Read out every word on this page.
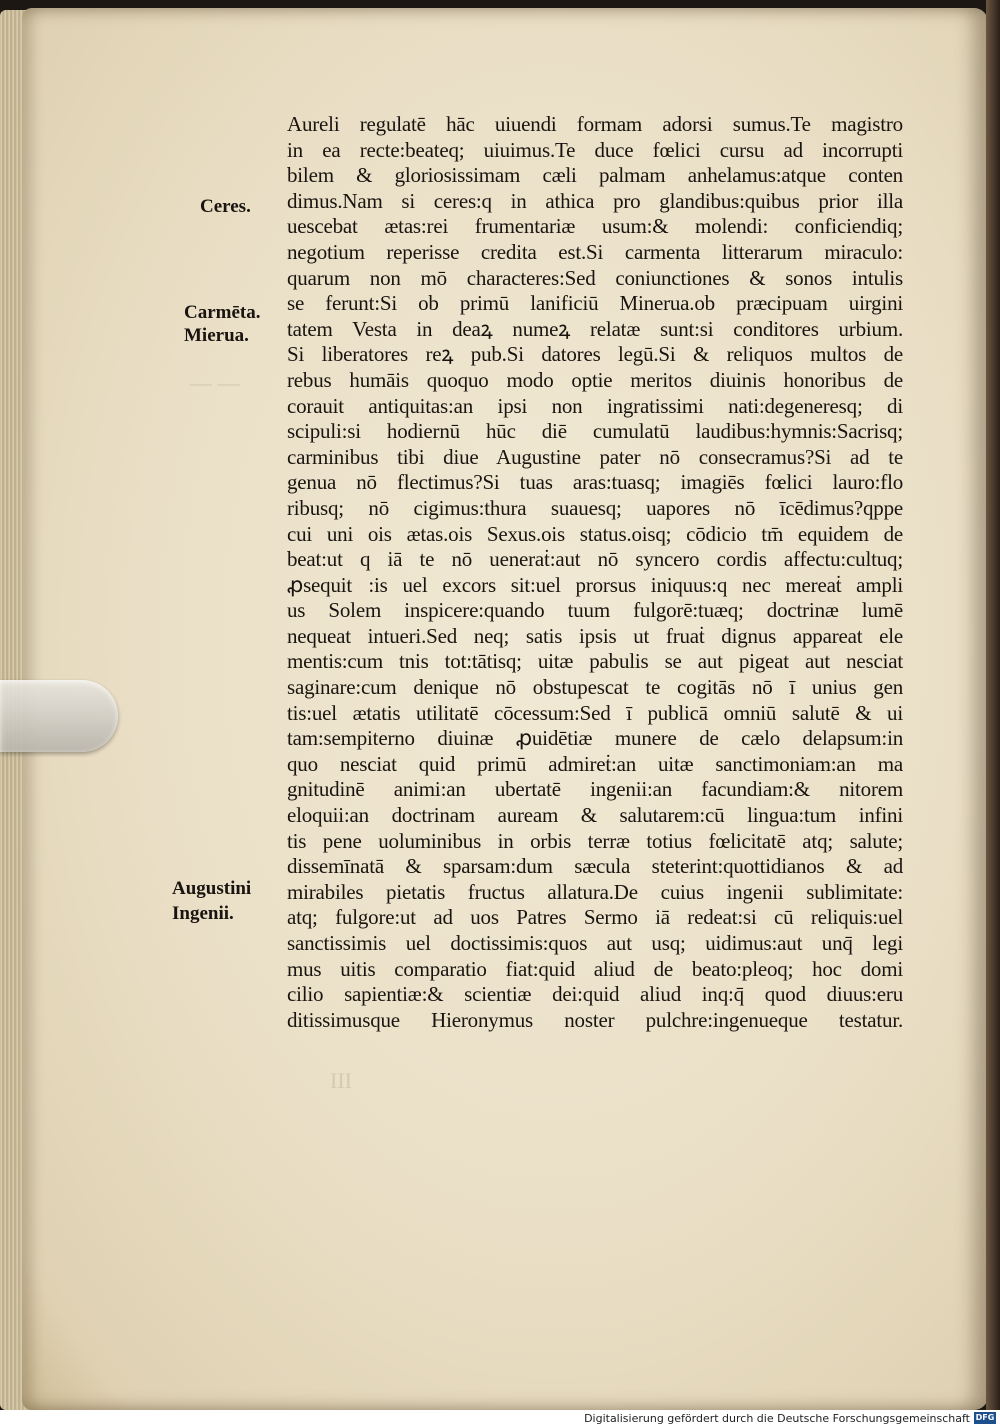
— —
III
Ceres.
Carmēta.
Mierua.
Augustini
Ingenii.
Aureli regulatē hāc uiuendi formam adorsi sumus.Te magistro
in ea recte:beateq; uiuimus.Te duce fœlici cursu ad incorrupti
bilem & gloriosissimam cæli palmam anhelamus:atque conten
dimus.Nam si ceres:q in athica pro glandibus:quibus prior illa
uescebat ætas:rei frumentariæ usum:& molendi: conficiendiq;
negotium reperisse credita est.Si carmenta litterarum miraculo:
quarum non mō characteres:Sed coniunctiones & sonos intulis
se ferunt:Si ob primū lanificiū Minerua.ob præcipuam uirgini
tatem Vesta in deaꝝ numeꝝ relatæ sunt:si conditores urbium.
Si liberatores reꝝ pub.Si datores legū.Si & reliquos multos de
rebus humāis quoquo modo optie meritos diuinis honoribus de
corauit antiquitas:an ipsi non ingratissimi nati:degeneresq; di
scipuli:si hodiernū hūc diē cumulatū laudibus:hymnis:Sacrisq;
carminibus tibi diue Augustine pater nō consecramus?Si ad te
genua nō flectimus?Si tuas aras:tuasq; imagiēs fœlici lauro:flo
ribusq; nō cigimus:thura suauesq; uapores nō īcēdimus?qppe
cui uni ois ætas.ois Sexus.ois status.oisq; cōdicio tm̄ equidem de
beat:ut q iā te nō ueneraṫ:aut nō syncero cordis affectu:cultuq;
ꝓsequitᷣ:is uel excors sit:uel prorsus iniquus:q nec mereaṫ ampli
us Solem inspicere:quando tuum fulgorē:tuæq; doctrinæ lumē
nequeat intueri.Sed neq; satis ipsis ut fruaṫ dignus appareat ele
mentis:cum tnis tot:tātisq; uitæ pabulis se aut pigeat aut nesciat
saginare:cum denique nō obstupescat te cogitās nō ī unius gen
tis:uel ætatis utilitatē cōcessum:Sed ī publicā omniū salutē & ui
tam:sempiterno diuinæ ꝓuidētiæ munere de cælo delapsum:in
quo nesciat quid primū admireṫ:an uitæ sanctimoniam:an ma
gnitudinē animi:an ubertatē ingenii:an facundiam:& nitorem
eloquii:an doctrinam auream & salutarem:cū lingua:tum infini
tis pene uoluminibus in orbis terræ totius fœlicitatē atq; salute;
dissemīnatā & sparsam:dum sæcula steterint:quottidianos & ad
mirabiles pietatis fructus allatura.De cuius ingenii sublimitate:
atq; fulgore:ut ad uos Patres Sermo iā redeat:si cū reliquis:uel
sanctissimis uel doctissimis:quos aut usq; uidimus:aut unq̄ legi
mus uitis comparatio fiat:quid aliud de beato:pleoq; hoc domi
cilio sapientiæ:& scientiæ dei:quid aliud inq:q̄ quod diuus:eru
ditissimusque Hieronymus noster pulchre:ingenueque testatur.
Digitalisierung gefördert durch die Deutsche Forschungsgemeinschaft DFG
